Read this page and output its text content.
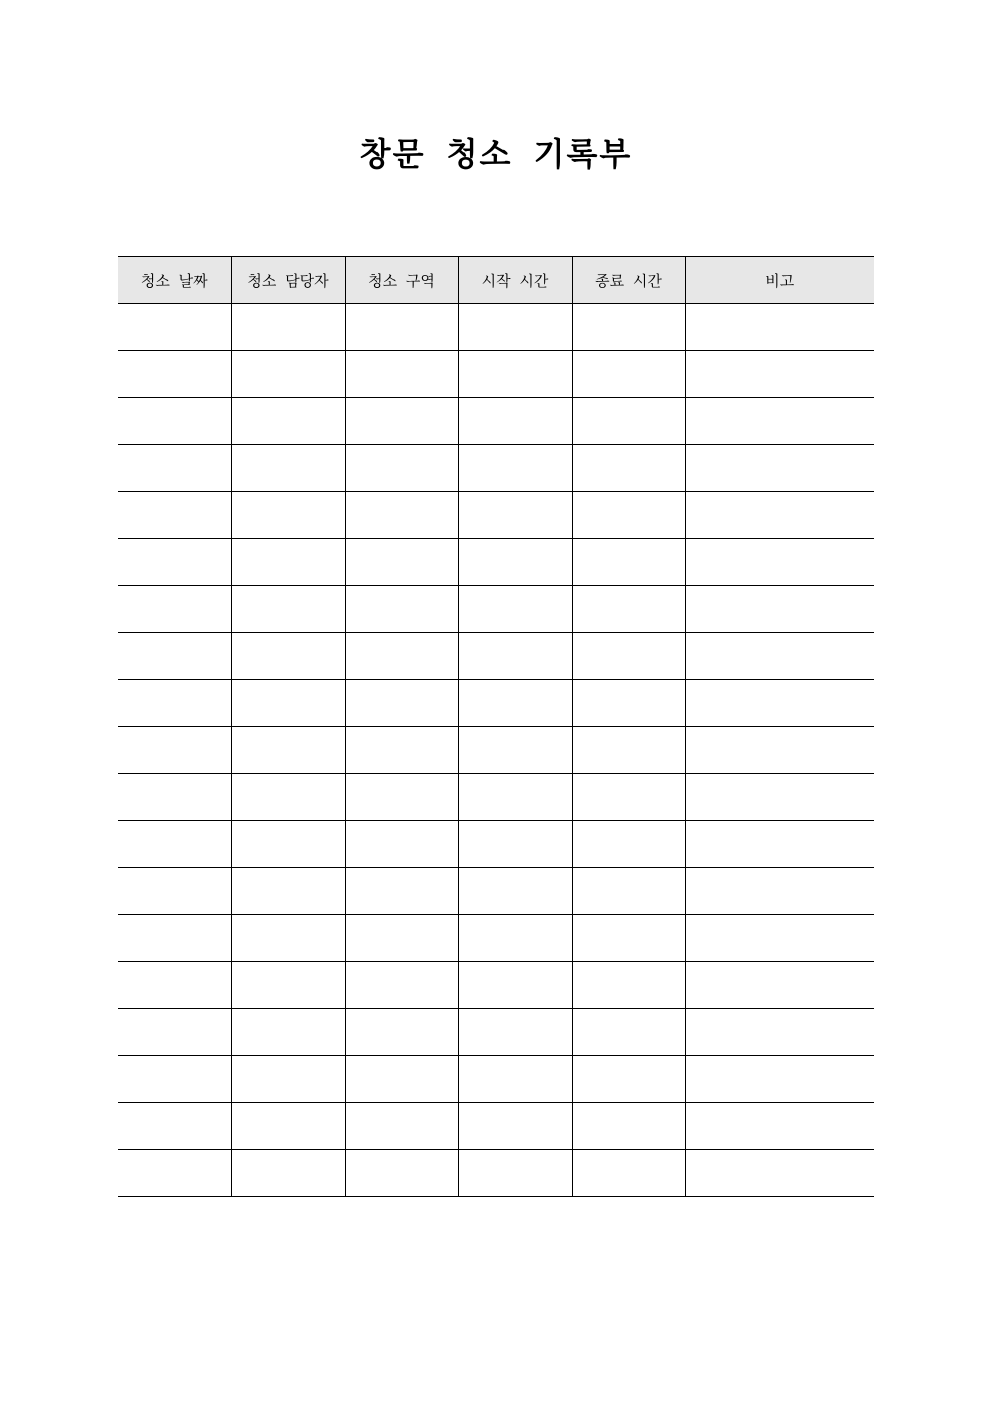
창문 청소 기록부
청소 날짜	청소 담당자	청소 구역	시작 시간	종료 시간	비고
